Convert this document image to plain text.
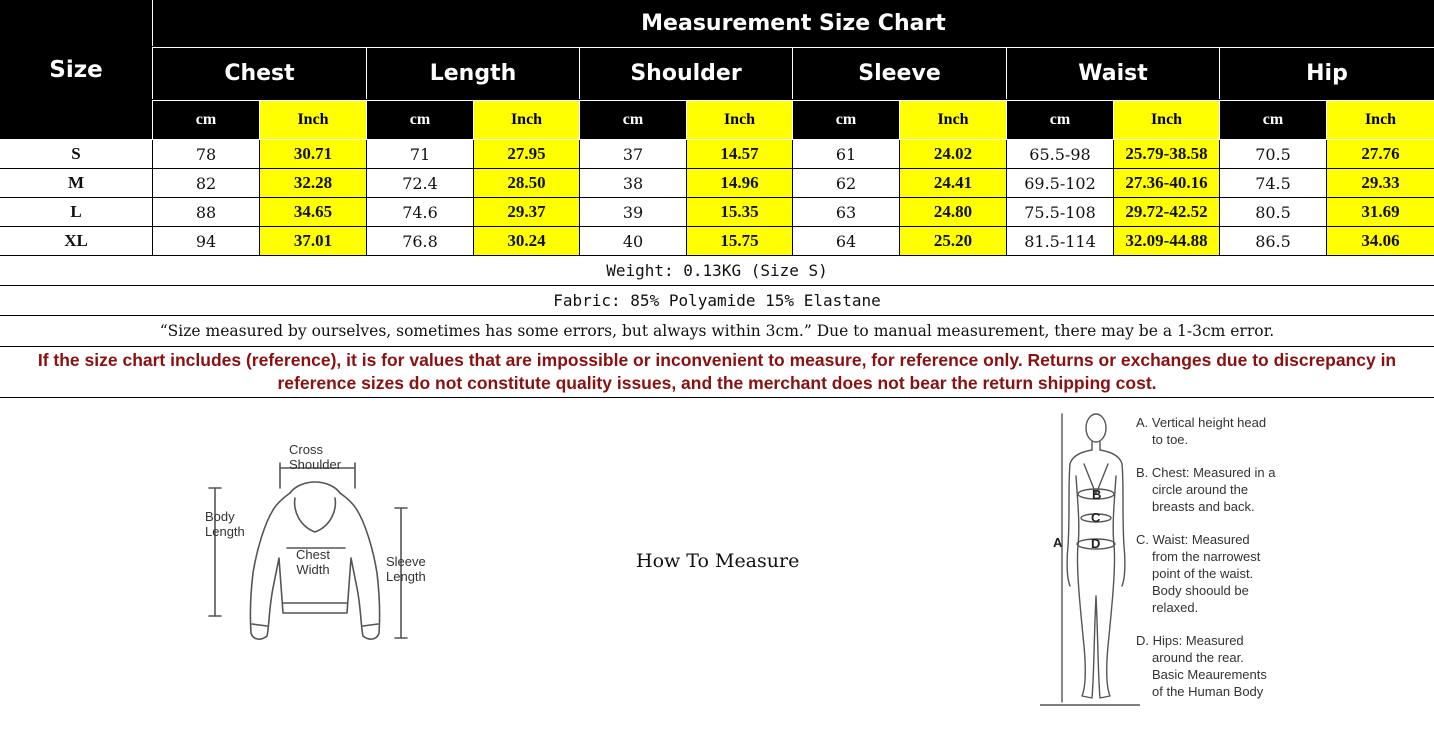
Size
Measurement Size Chart
Chest	Length	Shoulder	Sleeve	Waist	Hip
cm	Inch	cm	Inch	cm	Inch	cm	Inch	cm	Inch	cm	Inch
S	78	30.71	71	27.95	37	14.57	61	24.02	65.5-98	25.79-38.58	70.5	27.76
M	82	32.28	72.4	28.50	38	14.96	62	24.41	69.5-102	27.36-40.16	74.5	29.33
L	88	34.65	74.6	29.37	39	15.35	63	24.80	75.5-108	29.72-42.52	80.5	31.69
XL	94	37.01	76.8	30.24	40	15.75	64	25.20	81.5-114	32.09-44.88	86.5	34.06
Weight: 0.13KG (Size S)
Fabric: 85% Polyamide 15% Elastane
“Size measured by ourselves, sometimes has some errors, but always within 3cm.” Due to manual measurement, there may be a 1-3cm error.
If the size chart includes (reference), it is for values that are impossible or inconvenient to measure, for reference only. Returns or exchanges due to discrepancy in
reference sizes do not constitute quality issues, and the merchant does not bear the return shipping cost.
Cross
Shoulder
Body
Length
Chest
Width
Sleeve
Length
How To Measure
B
C
D
A
A. Vertical height head
to toe.
B. Chest: Measured in a
circle around the
breasts and back.
C. Waist: Measured
from the narrowest
point of the waist.
Body shoould be
relaxed.
D. Hips: Measured
around the rear.
Basic Meaurements
of the Human Body
